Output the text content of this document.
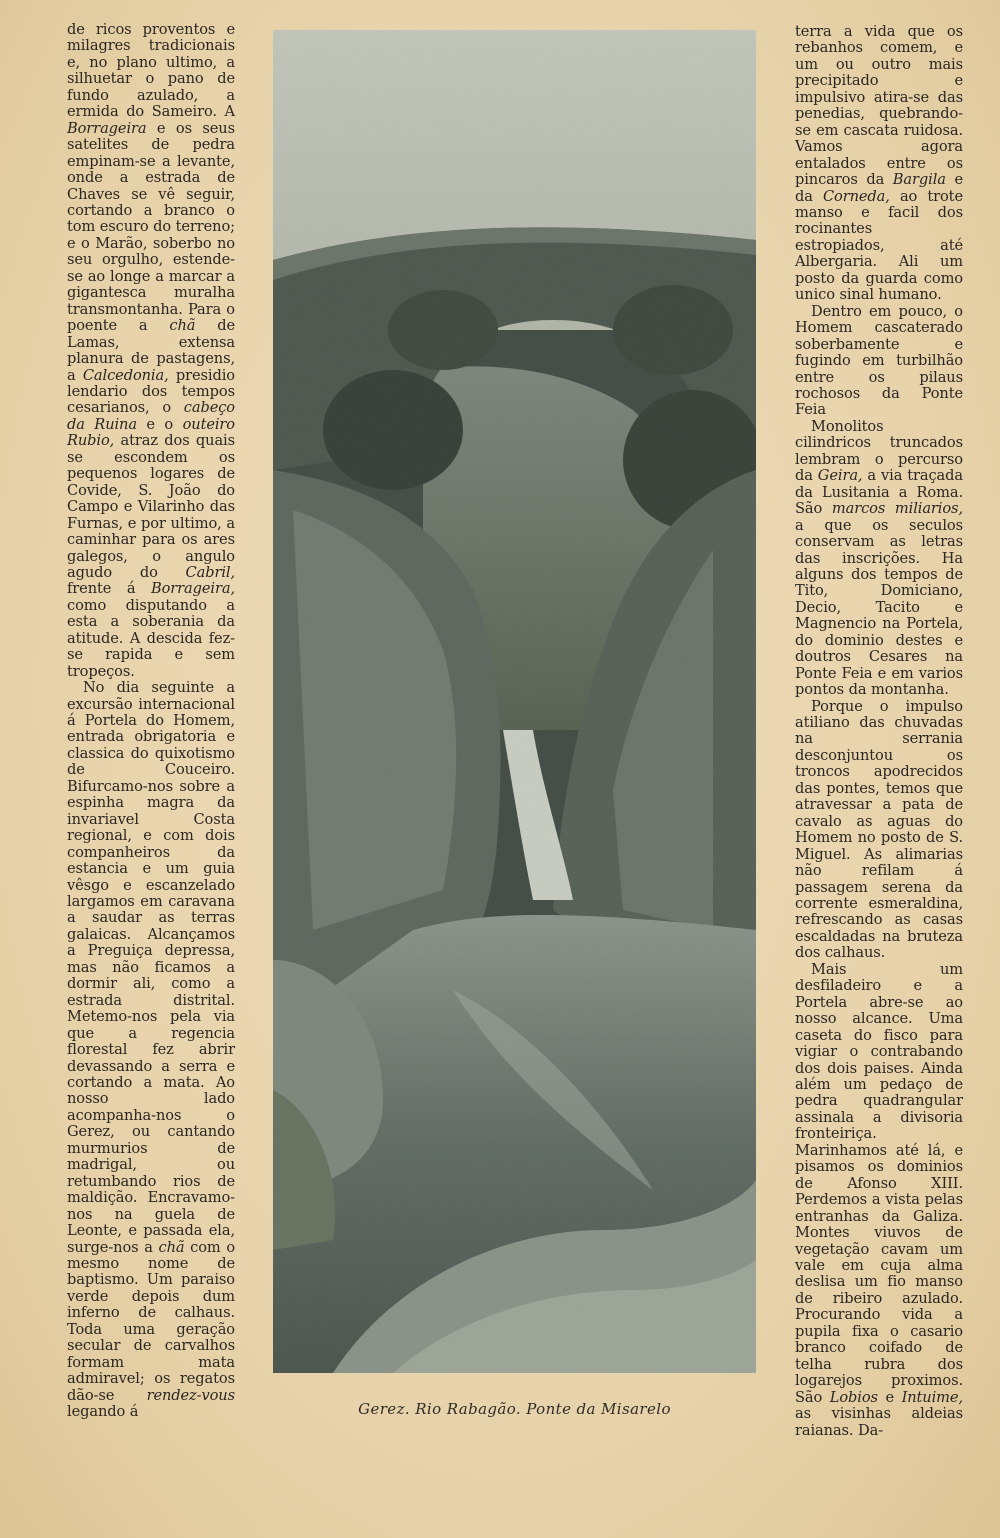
de ricos proventos e milagres tradicionais e, no plano ultimo, a silhuetar o pano de fundo azulado, a ermida do Sameiro. A Borrageira e os seus satelites de pedra empinam-se a levante, onde a estrada de Chaves se vê seguir, cortando a branco o tom escuro do terreno; e o Marão, soberbo no seu orgulho, estende-se ao longe a marcar a gigantesca muralha transmontanha. Para o poente a chã de Lamas, extensa planura de pastagens, a Calcedonia, presidio lendario dos tempos cesarianos, o cabeço da Ruina e o outeiro Rubio, atraz dos quais se escondem os pequenos logares de Covide, S. João do Campo e Vilarinho das Furnas, e por ultimo, a caminhar para os ares galegos, o angulo agudo do Cabril, frente á Borrageira, como disputando a esta a soberania da atitude. A descida fez-se rapida e sem tropeços.

No dia seguinte a excursão internacional á Portela do Homem, entrada obrigatoria e classica do quixotismo de Couceiro. Bifurcamo-nos sobre a espinha magra da invariavel Costa regional, e com dois companheiros da estancia e um guia vêsgo e escanzelado largamos em caravana a saudar as terras galaicas. Alcançamos a Preguiça depressa, mas não ficamos a dormir ali, como a estrada distrital. Metemo-nos pela via que a regencia florestal fez abrir devassando a serra e cortando a mata. Ao nosso lado acompanha-nos o Gerez, ou cantando murmurios de madrigal, ou retumbando rios de maldição. Encravamo-nos na guela de Leonte, e passada ela, surge-nos a chã com o mesmo nome de baptismo. Um paraiso verde depois dum inferno de calhaus. Toda uma geração secular de carvalhos formam mata admiravel; os regatos dão-se rendez-vous legando á	Gerez. Rio Rabagão. Ponte da Misarelo

terra a vida que os rebanhos comem, e um ou outro mais precipitado e impulsivo atira-se das penedias, quebrando-se em cascata ruidosa. Vamos agora entalados entre os pincaros da Bargila e da Corneda, ao trote manso e facil dos rocinantes estropiados, até Albergaria. Ali um posto da guarda como unico sinal humano.

Dentro em pouco, o Homem cascaterado soberbamente e fugindo em turbilhão entre os pilaus rochosos da Ponte Feia

Monolitos cilindricos truncados lembram o percurso da Geira, a via traçada da Lusitania a Roma. São marcos miliarios, a que os seculos conservam as letras das inscrições. Ha alguns dos tempos de Tito, Domiciano, Decio, Tacito e Magnencio na Portela, do dominio destes e doutros Cesares na Ponte Feia e em varios pontos da montanha.

Porque o impulso atiliano das chuvadas na serrania desconjuntou os troncos apodrecidos das pontes, temos que atravessar a pata de cavalo as aguas do Homem no posto de S. Miguel. As alimarias não refilam á passagem serena da corrente esmeraldina, refrescando as casas escaldadas na bruteza dos calhaus.

Mais um desfiladeiro e a Portela abre-se ao nosso alcance. Uma caseta do fisco para vigiar o contrabando dos dois paises. Ainda além um pedaço de pedra quadrangular assinala a divisoria fronteiriça. Marinhamos até lá, e pisamos os dominios de Afonso XIII. Perdemos a vista pelas entranhas da Galiza. Montes viuvos de vegetação cavam um vale em cuja alma deslisa um fio manso de ribeiro azulado. Procurando vida a pupila fixa o casario branco coifado de telha rubra dos logarejos proximos. São Lobios e Intuime, as visinhas aldeias raianas. Da-
